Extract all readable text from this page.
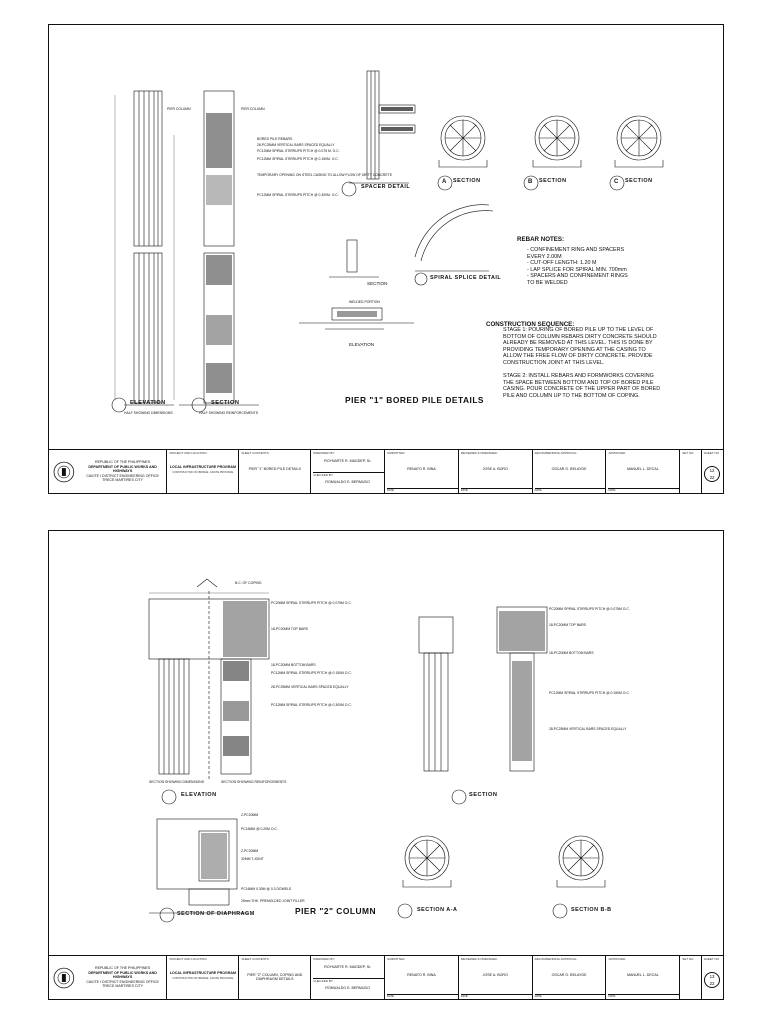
ELEVATION	SECTION
HALF SHOWING DIMENSIONS	HALF SHOWING REINFORCEMENTS
SPACER DETAIL
SECTION	SECTION	SECTION
A	B	C
SPIRAL SPLICE DETAIL
SECTION
WELDED PORTION
ELEVATION
PIER COLUMN	PIER COLUMN
BORED PILE REBARS
28-PC25MM VERTICAL BARS SPACED EQUALLY
PC12MM SPIRAL STIRRUPS PITCH @ 0.075 M. O.C.
PC12MM SPIRAL STIRRUPS PITCH @ 0.150M. O.C.
TEMPORARY OPENING ON STEEL CASING TO ALLOW FLOW OF DIRTY CONCRETE
PC12MM SPIRAL STIRRUPS PITCH @ 0.300M. O.C.
REBAR NOTES:
- CONFINEMENT RING AND SPACERS
EVERY 2.00M
- CUT-OFF LENGTH: 1.20 M
- LAP SPLICE FOR SPIRAL MIN. 700mm
- SPACERS AND CONFINEMENT RINGS
TO BE WELDED
CONSTRUCTION SEQUENCE:
STAGE 1: POURING OF BORED PILE UP TO THE LEVEL OF
BOTTOM OF COLUMN REBARS DIRTY CONCRETE SHOULD
ALREADY BE REMOVED AT THIS LEVEL. THIS IS DONE BY
PROVIDING TEMPORARY OPENING AT THE CASING TO
ALLOW THE FREE FLOW OF DIRTY CONCRETE. PROVIDE
CONSTRUCTION JOINT AT THIS LEVEL.

STAGE 2: INSTALL REBARS AND FORMWORKS COVERING
THE SPACE BETWEEN BOTTOM AND TOP OF BORED PILE
CASING. POUR CONCRETE OF THE UPPER PART OF BORED
PILE AND COLUMN UP TO THE BOTTOM OF COPING.
PIER "1" BORED PILE DETAILS
REPUBLIC OF THE PHILIPPINES
DEPARTMENT OF PUBLIC WORKS AND HIGHWAYS
CAVITE I DISTRICT ENGINEERING OFFICE
TRECE MARTIRES CITY
PROJECT AND LOCATION:
LOCAL INFRASTRUCTURE PROGRAM
CONSTRUCTION OF BRIDGE, CAVITE PROVINCE
SHEET CONTENTS:
PIER "1" BORED PILE DETAILS
PREPARED BY:
ROYNARTE R. MAGDEP, Sr.
CHECKED BY:
ROMUALDO E. BERMUDO
SUBMITTED:
RENATO R. BINA
DATE:
REVIEWED & PREPARED:
JOSE A. BORO
DATE:
RECOMMENDING APPROVAL:
OSCAR G. BELAYDE
DATE:
APPROVED:
MANUEL L. DECAL
DATE:
SET NO.	SHEET NO.
12
22
ELEVATION	SECTION
SECTION SHOWING DIMENSIONS	SECTION SHOWING REINFORCEMENTS
SECTION OF DIAPHRAGM
SECTION A-A	SECTION B-B
PIER "2" COLUMN
B.C. OF COPING
PC20MM SPIRAL STIRRUPS PITCH @ 0.075M O.C.
18-PC20MM TOP BARS
18-PC20MM BOTTOM BARS
PC12MM SPIRAL STIRRUPS PITCH @ 0.150M O.C.
28-PC25MM VERTICAL BARS SPACED EQUALLY
PC12MM SPIRAL STIRRUPS PITCH @ 0.300M O.C.
PC20MM SPIRAL STIRRUPS PITCH @ 0.075M O.C.
18-PC20MM TOP BARS
18-PC20MM BOTTOM BARS
PC12MM SPIRAL STIRRUPS PITCH @ 0.150M O.C.
28-PC25MM VERTICAL BARS SPACED EQUALLY
2-PC20MM
PC16MM @ 0.20M O.C.
2-PC20MM
32MM T.JOINT
PC16MM 0.30M @ 0.3 DOWELS
25mm THK. PREMOLDED JOINT FILLER
REPUBLIC OF THE PHILIPPINES
DEPARTMENT OF PUBLIC WORKS AND HIGHWAYS
CAVITE I DISTRICT ENGINEERING OFFICE
TRECE MARTIRES CITY
PROJECT AND LOCATION:
LOCAL INFRASTRUCTURE PROGRAM
CONSTRUCTION OF BRIDGE, CAVITE PROVINCE
SHEET CONTENTS:
PIER "2" COLUMN, COPING AND DIAPHRAGM DETAILS
PREPARED BY:
ROYNARTE R. MAGDEP, Sr.
CHECKED BY:
ROMUALDO E. BERMUDO
SUBMITTED:
RENATO R. BINA
DATE:
REVIEWED & PREPARED:
JOSE A. BORO
DATE:
RECOMMENDING APPROVAL:
OSCAR G. BELAYDE
DATE:
APPROVED:
MANUEL L. DECAL
DATE:
SET NO.	SHEET NO.
13
22
